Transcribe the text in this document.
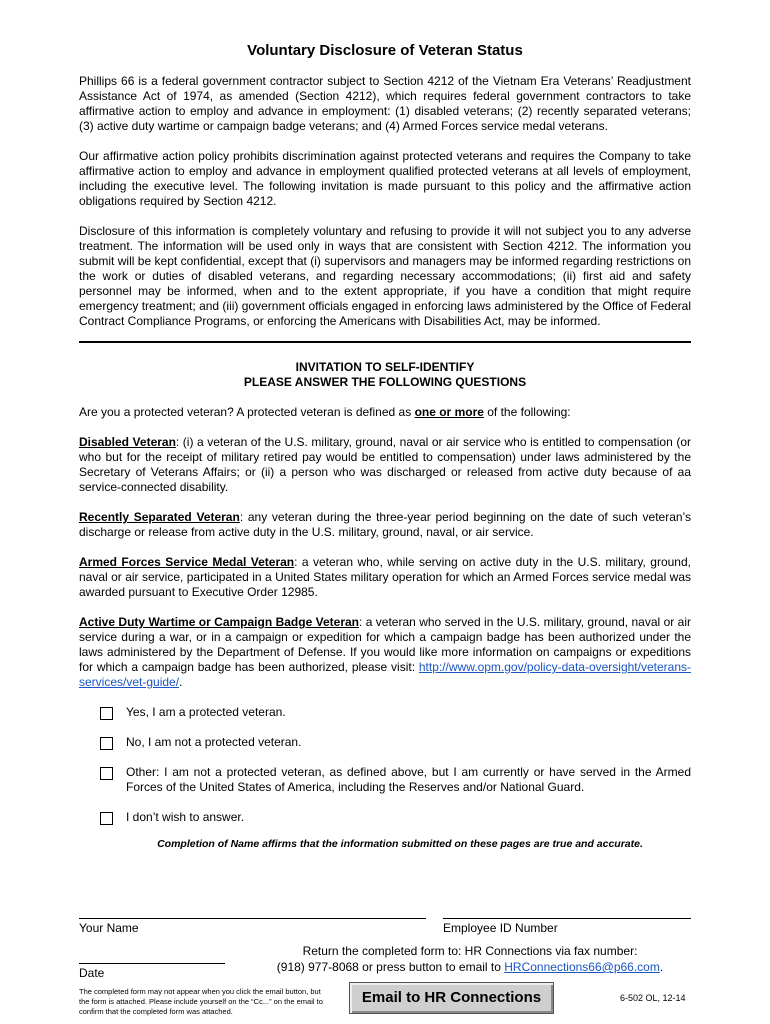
Voluntary Disclosure of Veteran Status

Phillips 66 is a federal government contractor subject to Section 4212 of the Vietnam Era Veterans’ Readjustment Assistance Act of 1974, as amended (Section 4212), which requires federal government contractors to take affirmative action to employ and advance in employment: (1) disabled veterans; (2) recently separated veterans; (3) active duty wartime or campaign badge veterans; and (4) Armed Forces service medal veterans.

Our affirmative action policy prohibits discrimination against protected veterans and requires the Company to take affirmative action to employ and advance in employment qualified protected veterans at all levels of employment, including the executive level. The following invitation is made pursuant to this policy and the affirmative action obligations required by Section 4212.

Disclosure of this information is completely voluntary and refusing to provide it will not subject you to any adverse treatment. The information will be used only in ways that are consistent with Section 4212. The information you submit will be kept confidential, except that (i) supervisors and managers may be informed regarding restrictions on the work or duties of disabled veterans, and regarding necessary accommodations; (ii) first aid and safety personnel may be informed, when and to the extent appropriate, if you have a condition that might require emergency treatment; and (iii) government officials engaged in enforcing laws administered by the Office of Federal Contract Compliance Programs, or enforcing the Americans with Disabilities Act, may be informed.

INVITATION TO SELF-IDENTIFY
PLEASE ANSWER THE FOLLOWING QUESTIONS

Are you a protected veteran? A protected veteran is defined as one or more of the following:

Disabled Veteran: (i) a veteran of the U.S. military, ground, naval or air service who is entitled to compensation (or who but for the receipt of military retired pay would be entitled to compensation) under laws administered by the Secretary of Veterans Affairs; or (ii) a person who was discharged or released from active duty because of aa service-connected disability.

Recently Separated Veteran: any veteran during the three-year period beginning on the date of such veteran’s discharge or release from active duty in the U.S. military, ground, naval, or air service.

Armed Forces Service Medal Veteran: a veteran who, while serving on active duty in the U.S. military, ground, naval or air service, participated in a United States military operation for which an Armed Forces service medal was awarded pursuant to Executive Order 12985.

Active Duty Wartime or Campaign Badge Veteran: a veteran who served in the U.S. military, ground, naval or air service during a war, or in a campaign or expedition for which a campaign badge has been authorized under the laws administered by the Department of Defense. If you would like more information on campaigns or expeditions for which a campaign badge has been authorized, please visit: http://www.opm.gov/policy-data-oversight/veterans-services/vet-guide/.

Yes, I am a protected veteran.
No, I am not a protected veteran.
Other: I am not a protected veteran, as defined above, but I am currently or have served in the Armed Forces of the United States of America, including the Reserves and/or National Guard.
I don’t wish to answer.
Completion of Name affirms that the information submitted on these pages are true and accurate.
Your Name	Employee ID Number
Date
Return the completed form to: HR Connections via fax number:
(918) 977-8068 or press button to email to HRConnections66@p66.com.
The completed form may not appear when you click the email button, but the form is attached. Please include yourself on the “Cc...” on the email to confirm that the completed form was attached.
Email to HR Connections	6-502 OL, 12-14
